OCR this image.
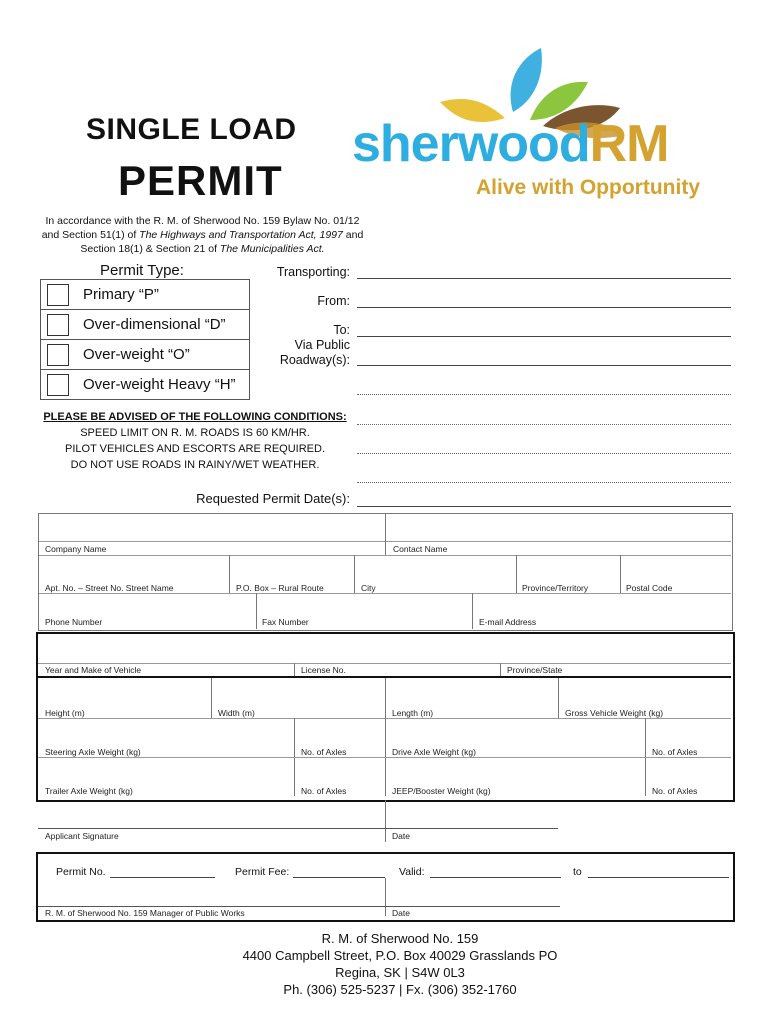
SINGLE LOAD
PERMIT
In accordance with the R. M. of Sherwood No. 159 Bylaw No. 01/12
and Section 51(1) of The Highways and Transportation Act, 1997 and
Section 18(1) & Section 21 of The Municipalities Act.
sherwoodRM
Alive with Opportunity
Permit Type:
Primary “P”
Over-dimensional “D”
Over-weight “O”
Over-weight Heavy “H”
Transporting:
From:
To:
Via Public
Roadway(s):
PLEASE BE ADVISED OF THE FOLLOWING CONDITIONS:
SPEED LIMIT ON R. M. ROADS IS 60 KM/HR.
PILOT VEHICLES AND ESCORTS ARE REQUIRED.
DO NOT USE ROADS IN RAINY/WET WEATHER.
Requested Permit Date(s):
Company Name	Contact Name
Apt. No. – Street No. Street Name	P.O. Box – Rural Route	City	Province/Territory	Postal Code
Phone Number	Fax Number	E-mail Address
Year and Make of Vehicle	License No.	Province/State
Height (m)	Width (m)	Length (m)	Gross Vehicle Weight (kg)
Steering Axle Weight (kg)	No. of Axles	Drive Axle Weight (kg)	No. of Axles
Trailer Axle Weight (kg)	No. of Axles	JEEP/Booster Weight (kg)	No. of Axles
Applicant Signature	Date
Permit No.	Permit Fee:	Valid:	to
R. M. of Sherwood No. 159 Manager of Public Works	Date
R. M. of Sherwood No. 159
4400 Campbell Street, P.O. Box 40029 Grasslands PO
Regina, SK | S4W 0L3
Ph. (306) 525-5237 | Fx. (306) 352-1760
